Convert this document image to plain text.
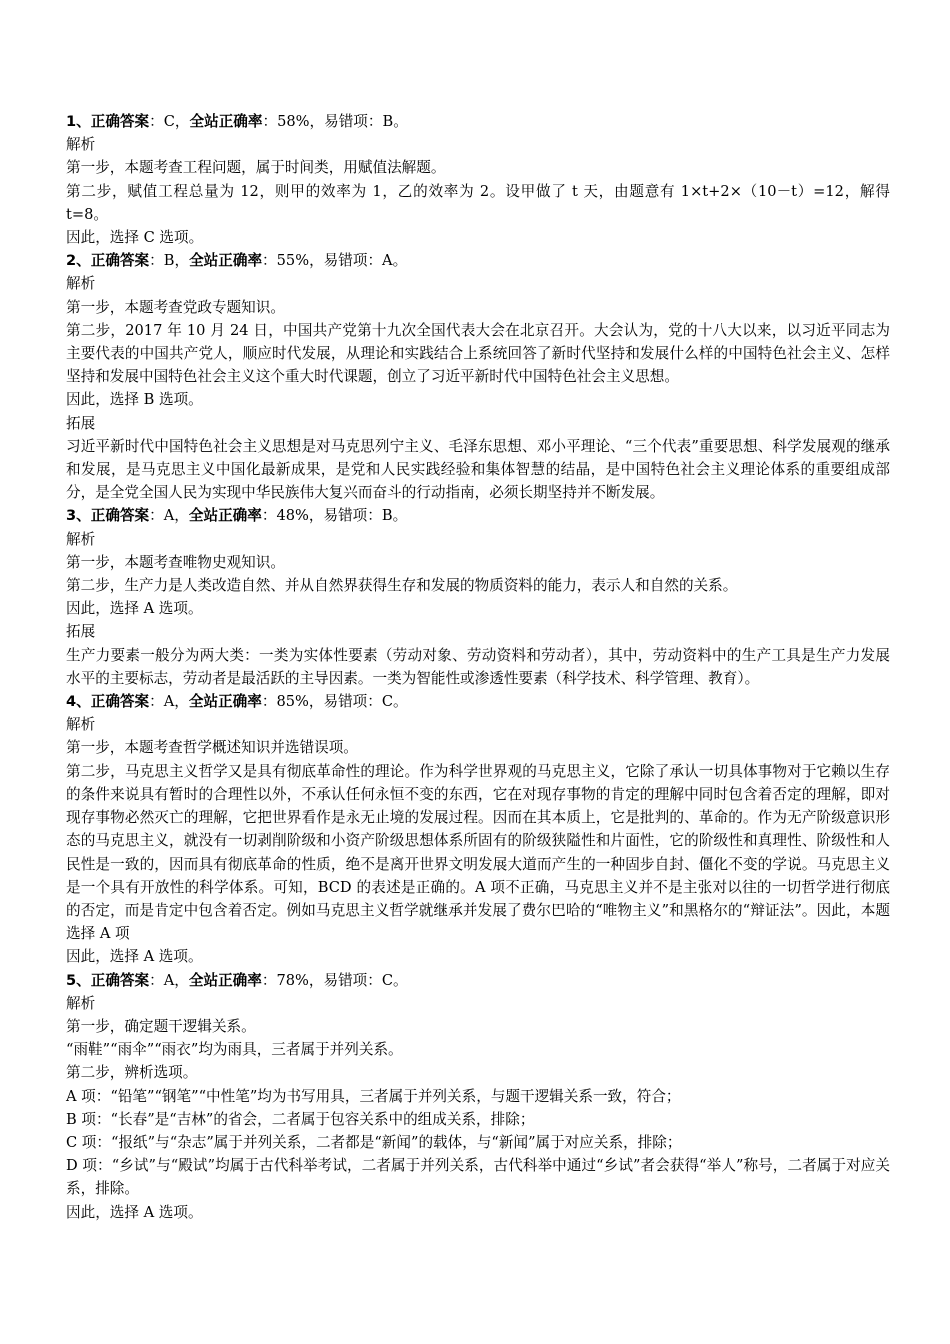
1、正确答案：C，全站正确率：58%，易错项：B。

解析

第一步，本题考查工程问题，属于时间类，用赋值法解题。

第二步，赋值工程总量为 12，则甲的效率为 1，乙的效率为 2。设甲做了 t 天，由题意有 1×t+2×（10－t）=12，解得 t=8。

因此，选择 C 选项。

2、正确答案：B，全站正确率：55%，易错项：A。

解析

第一步，本题考查党政专题知识。

第二步，2017 年 10 月 24 日，中国共产党第十九次全国代表大会在北京召开。大会认为，党的十八大以来，以习近平同志为主要代表的中国共产党人，顺应时代发展，从理论和实践结合上系统回答了新时代坚持和发展什么样的中国特色社会主义、怎样坚持和发展中国特色社会主义这个重大时代课题，创立了习近平新时代中国特色社会主义思想。

因此，选择 B 选项。

拓展

习近平新时代中国特色社会主义思想是对马克思列宁主义、毛泽东思想、邓小平理论、“三个代表”重要思想、科学发展观的继承和发展，是马克思主义中国化最新成果，是党和人民实践经验和集体智慧的结晶，是中国特色社会主义理论体系的重要组成部分，是全党全国人民为实现中华民族伟大复兴而奋斗的行动指南，必须长期坚持并不断发展。

3、正确答案：A，全站正确率：48%，易错项：B。

解析

第一步，本题考查唯物史观知识。

第二步，生产力是人类改造自然、并从自然界获得生存和发展的物质资料的能力，表示人和自然的关系。

因此，选择 A 选项。

拓展

生产力要素一般分为两大类：一类为实体性要素（劳动对象、劳动资料和劳动者），其中，劳动资料中的生产工具是生产力发展水平的主要标志，劳动者是最活跃的主导因素。一类为智能性或渗透性要素（科学技术、科学管理、教育）。

4、正确答案：A，全站正确率：85%，易错项：C。

解析

第一步，本题考查哲学概述知识并选错误项。

第二步，马克思主义哲学又是具有彻底革命性的理论。作为科学世界观的马克思主义，它除了承认一切具体事物对于它赖以生存的条件来说具有暂时的合理性以外，不承认任何永恒不变的东西，它在对现存事物的肯定的理解中同时包含着否定的理解，即对现存事物必然灭亡的理解，它把世界看作是永无止境的发展过程。因而在其本质上，它是批判的、革命的。作为无产阶级意识形态的马克思主义，就没有一切剥削阶级和小资产阶级思想体系所固有的阶级狭隘性和片面性，它的阶级性和真理性、阶级性和人民性是一致的，因而具有彻底革命的性质，绝不是离开世界文明发展大道而产生的一种固步自封、僵化不变的学说。马克思主义是一个具有开放性的科学体系。可知，BCD 的表述是正确的。A 项不正确，马克思主义并不是主张对以往的一切哲学进行彻底的否定，而是肯定中包含着否定。例如马克思主义哲学就继承并发展了费尔巴哈的“唯物主义”和黑格尔的“辩证法”。因此，本题选择 A 项

因此，选择 A 选项。

5、正确答案：A，全站正确率：78%，易错项：C。

解析

第一步，确定题干逻辑关系。

“雨鞋”“雨伞”“雨衣”均为雨具，三者属于并列关系。

第二步，辨析选项。

A 项：“铅笔”“钢笔”“中性笔”均为书写用具，三者属于并列关系，与题干逻辑关系一致，符合；

B 项：“长春”是“吉林”的省会，二者属于包容关系中的组成关系，排除；

C 项：“报纸”与“杂志”属于并列关系，二者都是“新闻”的载体，与“新闻”属于对应关系，排除；

D 项：“乡试”与“殿试”均属于古代科举考试，二者属于并列关系，古代科举中通过“乡试”者会获得“举人”称号，二者属于对应关系，排除。

因此，选择 A 选项。
